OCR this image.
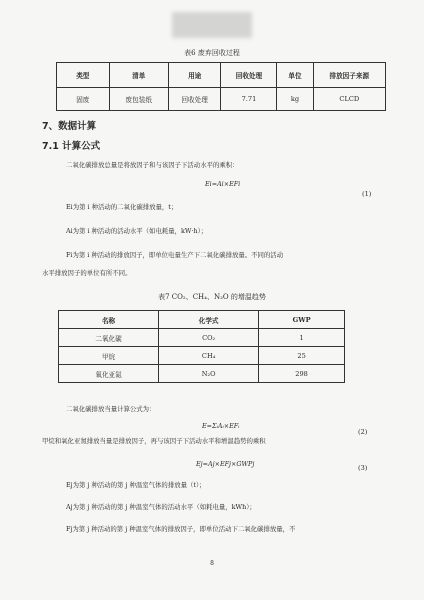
表6 废弃回收过程
类型	清单	用途	回收处理	单位	排放因子来源
固废	废包装纸	回收处理	7.71	kg	CLCD
7、数据计算
7.1 计算公式
二氧化碳排放总量是将放因子和与该因子下活动水平的乘积：
Ei=Ai×EFi
(1)
Ei为第 i 种活动的二氧化碳排放量，t；
Ai为第 i 种活动的活动水平（如电耗量，kW·h）；
Fi为第 i 种活动的排放因子，即单位电量生产下二氧化碳排放量。不同的活动
水平排放因子的单位有所不同。
表7 CO₂、CH₄、N₂O 的增温趋势
名称	化学式	GWP
二氧化碳	CO₂	1
甲烷	CH₄	25
氧化亚氮	N₂O	298
二氧化碳排放当量计算公式为：
E=ΣᵢAᵢ×EFᵢ
(2)
甲烷和氧化亚氮排放当量是排放因子，再与该因子下活动水平和增温趋势的乘积
Ej=Aj×EFj×GWPj	(3)
Ej为第 j 种活动的第 j 种温室气体的排放量（t）；
Aj为第 j 种活动的第 j 种温室气体的活动水平（如耗电量，kWh）；
Fj为第 j 种活动的第 j 种温室气体的排放因子，即单位活动下二氧化碳排放量，不
8
